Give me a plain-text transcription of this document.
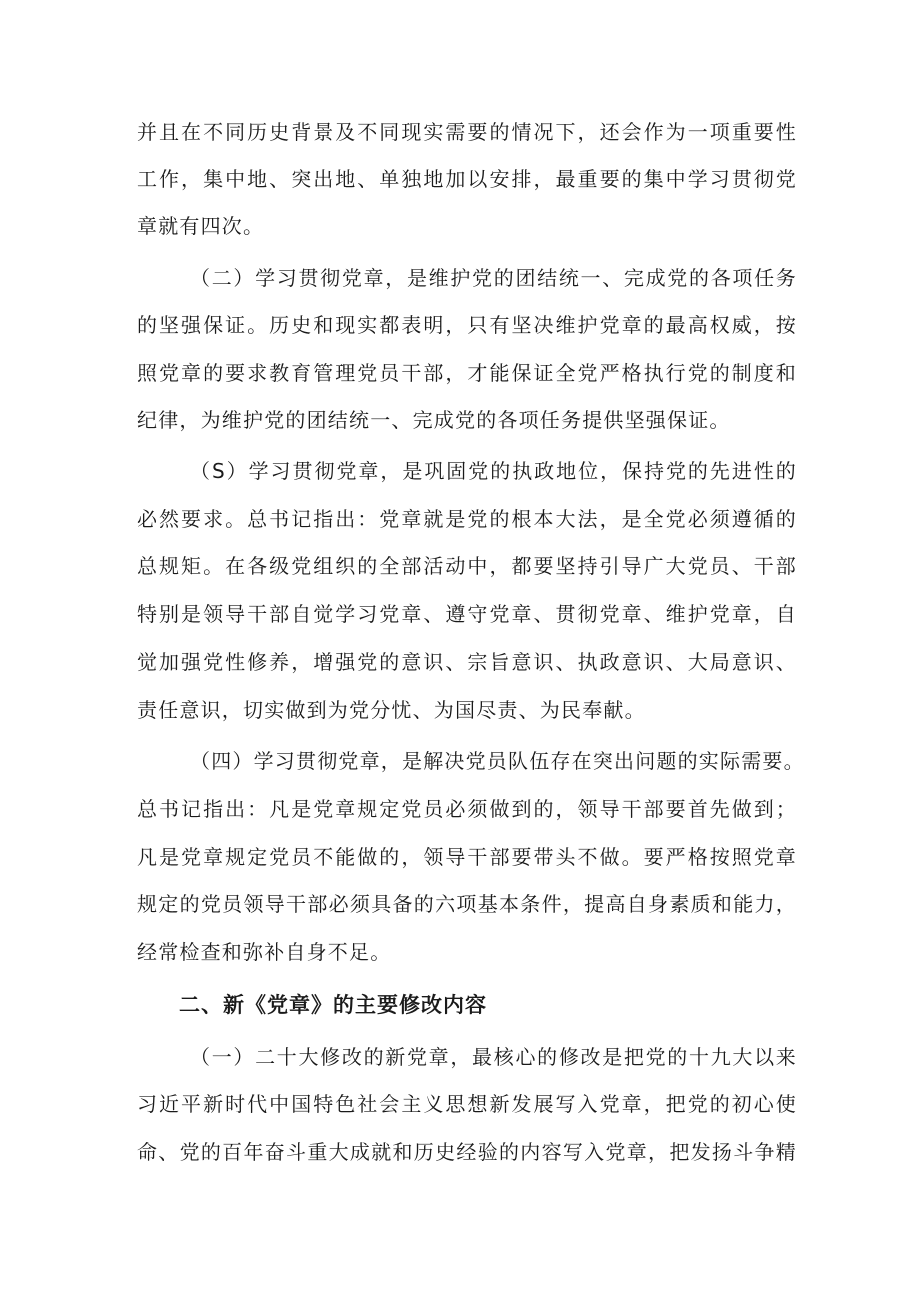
并且在不同历史背景及不同现实需要的情况下，还会作为一项重要性
工作，集中地、突出地、单独地加以安排，最重要的集中学习贯彻党
章就有四次。
（二）学习贯彻党章，是维护党的团结统一、完成党的各项任务
的坚强保证。历史和现实都表明，只有坚决维护党章的最高权威，按
照党章的要求教育管理党员干部，才能保证全党严格执行党的制度和
纪律，为维护党的团结统一、完成党的各项任务提供坚强保证。
（S）学习贯彻党章，是巩固党的执政地位，保持党的先进性的
必然要求。总书记指出：党章就是党的根本大法，是全党必须遵循的
总规矩。在各级党组织的全部活动中，都要坚持引导广大党员、干部
特别是领导干部自觉学习党章、遵守党章、贯彻党章、维护党章，自
觉加强党性修养，增强党的意识、宗旨意识、执政意识、大局意识、
责任意识，切实做到为党分忧、为国尽责、为民奉献。
（四）学习贯彻党章，是解决党员队伍存在突出问题的实际需要。
总书记指出：凡是党章规定党员必须做到的，领导干部要首先做到；
凡是党章规定党员不能做的，领导干部要带头不做。要严格按照党章
规定的党员领导干部必须具备的六项基本条件，提高自身素质和能力，
经常检查和弥补自身不足。
二、新《党章》的主要修改内容
（一）二十大修改的新党章，最核心的修改是把党的十九大以来
习近平新时代中国特色社会主义思想新发展写入党章，把党的初心使
命、党的百年奋斗重大成就和历史经验的内容写入党章，把发扬斗争精
